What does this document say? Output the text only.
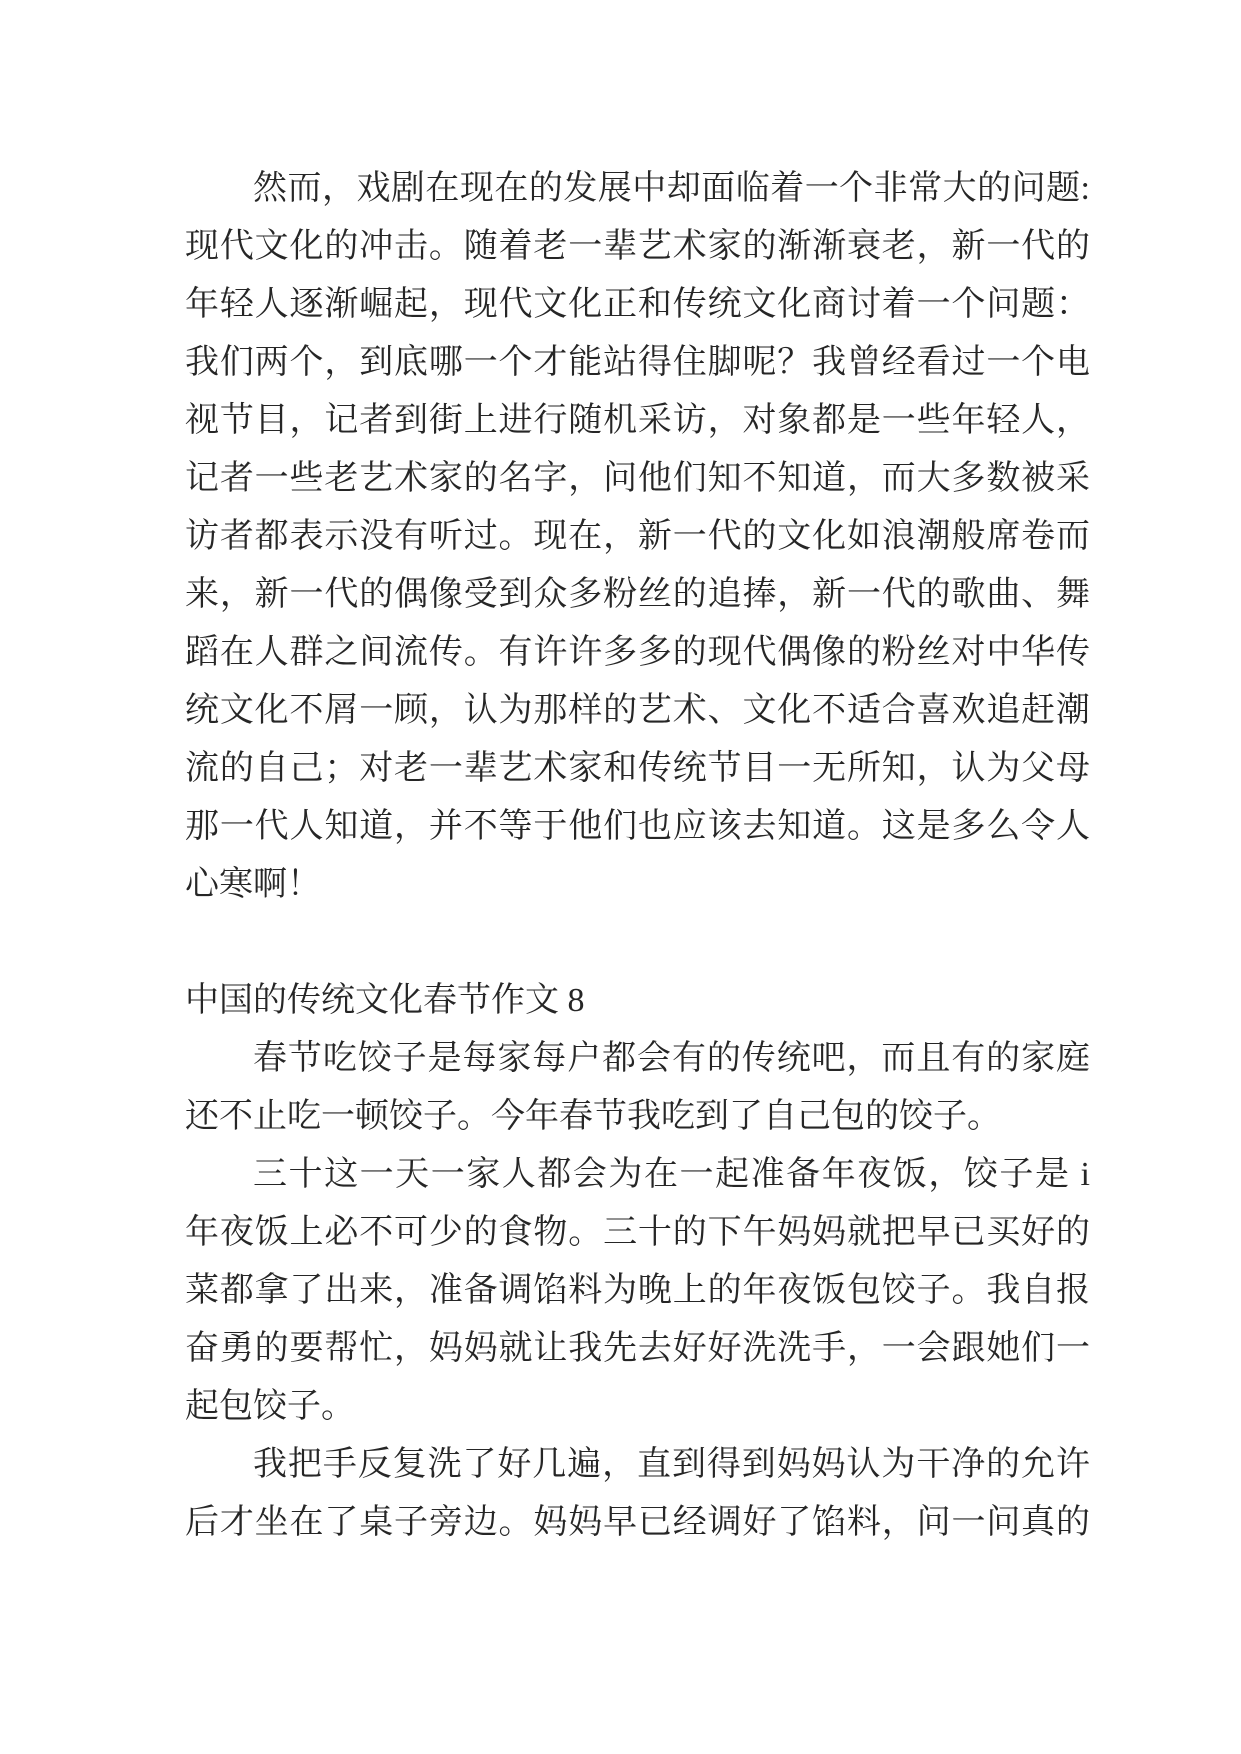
然而，戏剧在现在的发展中却面临着一个非常大的问题:
现代文化的冲击。随着老一辈艺术家的渐渐衰老，新一代的
年轻人逐渐崛起，现代文化正和传统文化商讨着一个问题：
我们两个，到底哪一个才能站得住脚呢？我曾经看过一个电
视节目，记者到街上进行随机采访，对象都是一些年轻人，
记者一些老艺术家的名字，问他们知不知道，而大多数被采
访者都表示没有听过。现在，新一代的文化如浪潮般席卷而
来，新一代的偶像受到众多粉丝的追捧，新一代的歌曲、舞
蹈在人群之间流传。有许许多多的现代偶像的粉丝对中华传
统文化不屑一顾，认为那样的艺术、文化不适合喜欢追赶潮
流的自己；对老一辈艺术家和传统节目一无所知，认为父母
那一代人知道，并不等于他们也应该去知道。这是多么令人
心寒啊！
中国的传统文化春节作文 8
春节吃饺子是每家每户都会有的传统吧，而且有的家庭
还不止吃一顿饺子。今年春节我吃到了自己包的饺子。
三十这一天一家人都会为在一起准备年夜饭，饺子是 i
年夜饭上必不可少的食物。三十的下午妈妈就把早已买好的
菜都拿了出来，准备调馅料为晚上的年夜饭包饺子。我自报
奋勇的要帮忙，妈妈就让我先去好好洗洗手，一会跟她们一
起包饺子。
我把手反复洗了好几遍，直到得到妈妈认为干净的允许
后才坐在了桌子旁边。妈妈早已经调好了馅料，问一问真的
